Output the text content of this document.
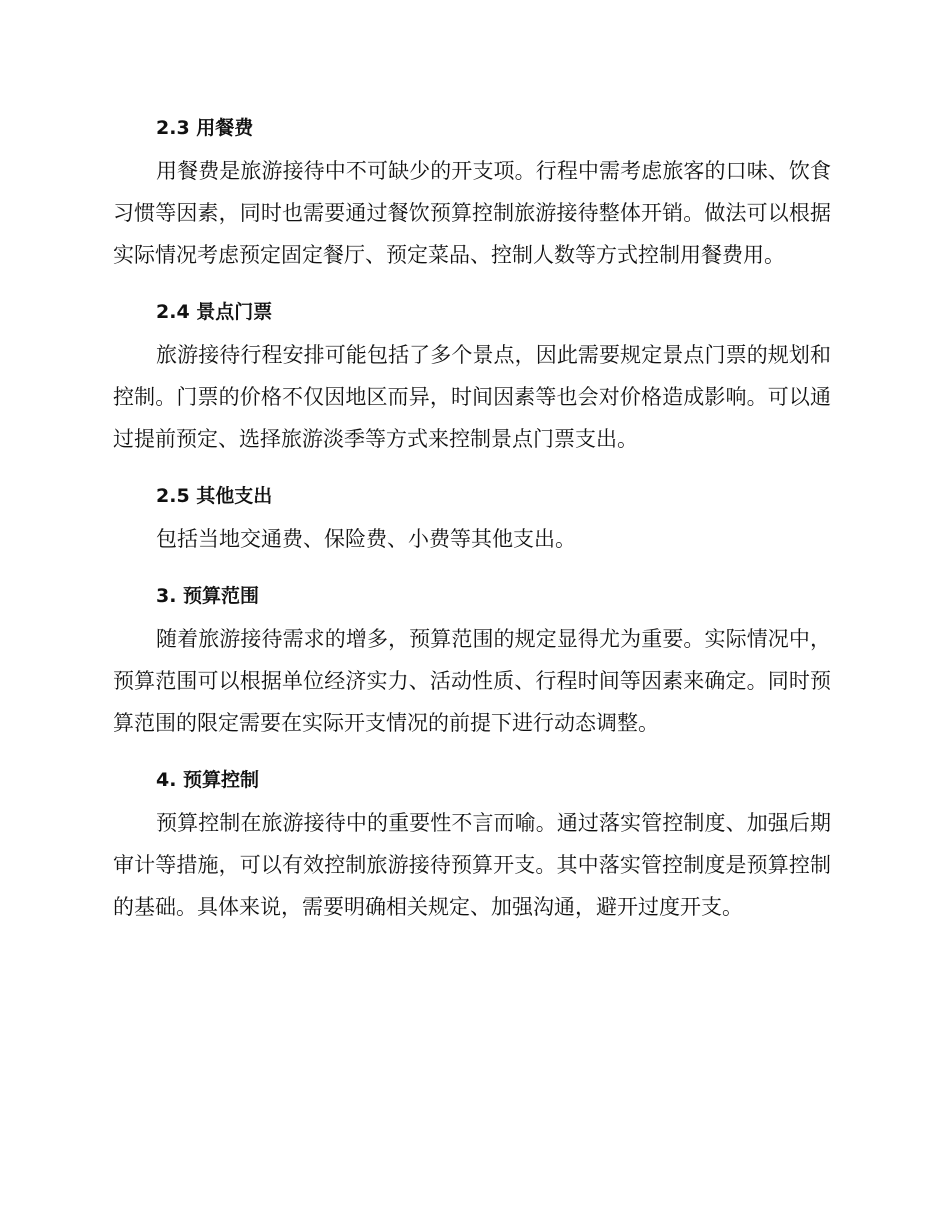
2.3 用餐费

用餐费是旅游接待中不可缺少的开支项。行程中需考虑旅客的口味、饮食习惯等因素，同时也需要通过餐饮预算控制旅游接待整体开销。做法可以根据实际情况考虑预定固定餐厅、预定菜品、控制人数等方式控制用餐费用。

2.4 景点门票

旅游接待行程安排可能包括了多个景点，因此需要规定景点门票的规划和控制。门票的价格不仅因地区而异，时间因素等也会对价格造成影响。可以通过提前预定、选择旅游淡季等方式来控制景点门票支出。

2.5 其他支出

包括当地交通费、保险费、小费等其他支出。

3. 预算范围

随着旅游接待需求的增多，预算范围的规定显得尤为重要。实际情况中，预算范围可以根据单位经济实力、活动性质、行程时间等因素来确定。同时预算范围的限定需要在实际开支情况的前提下进行动态调整。

4. 预算控制

预算控制在旅游接待中的重要性不言而喻。通过落实管控制度、加强后期审计等措施，可以有效控制旅游接待预算开支。其中落实管控制度是预算控制的基础。具体来说，需要明确相关规定、加强沟通，避开过度开支。
